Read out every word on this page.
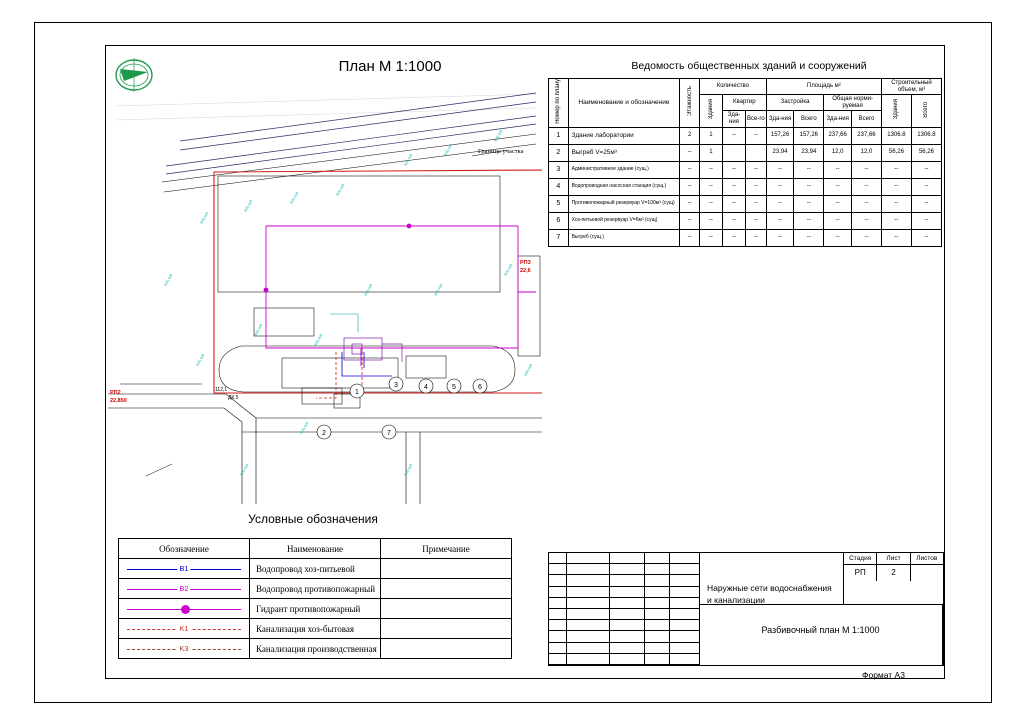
План М 1:1000
1
2
3	4	5	6
7
ВЛ0,4кВ
ВЛ0,4кВ
ВЛ0,4кВ
ВЛ0,4кВ
ВЛ0,4кВ
ВЛ0,4кВ
ВЛ0,4кВ
ВЛ0,4кВ
ВЛ0,4кВ
ВЛ0,4кВ
ВЛ0,4кВ	ВЛ0,4кВ
ВЛ0,4кВ
ВЛ0,4кВ
ВЛ0,4кВ
ВЛ0,4кВ
ВЛ0,4кВ
ВЛ0,4кВ
Граница участка
РП3
22,6
РП2
22,850
112,1
ДК.5
Ведомость общественных зданий и сооружений
Номер по плану	Наименование и обозначение	Этажность	Количество			Площадь м²				Строительный объем, м³	
			Здания	Квартир		Застройка		Общая норми-руемая		Здания	Всего
				Зда-ния	Все-го	Зда-ния	Всего	Зда-ния	Всего		

1	Здание лаборатории	2	1	--	--	157,26	157,26	237,66	237,66	1306.8	1306.8
2	Выгреб V=25м³	--	1			23,94	23,94	12,0	12,0	56,26	56,26
3	Административное здание (сущ.)	--	--	--	--	--	--	--	--	--	--
4	Водопроводная насосная станция (сущ.)	--	--	--	--	--	--	--	--	--	--
5	Противопожарный резервуар V=100м³ (сущ)	--	--	--	--	--	--	--	--	--	--
6	Хоз-питьевой резервуар V=6м³ (сущ)	--	--	--	--	--	--	--	--	--	--
7	Выгреб (сущ.)	--	--	--	--	--	--	--	--	--	--
Условные обозначения
Обозначение	Наименование	Примечание

B1	Водопровод хоз-питьевой	

B2	Водопровод противопожарный	

	Гидрант противопожарный	

K1	Канализация хоз-бытовая	

K3	Канализация производственная	
Наружные сети водоснабжения
и канализации
Стадия	Лист	Листов
РП	2
Разбивочный план М 1:1000
Формат А3
